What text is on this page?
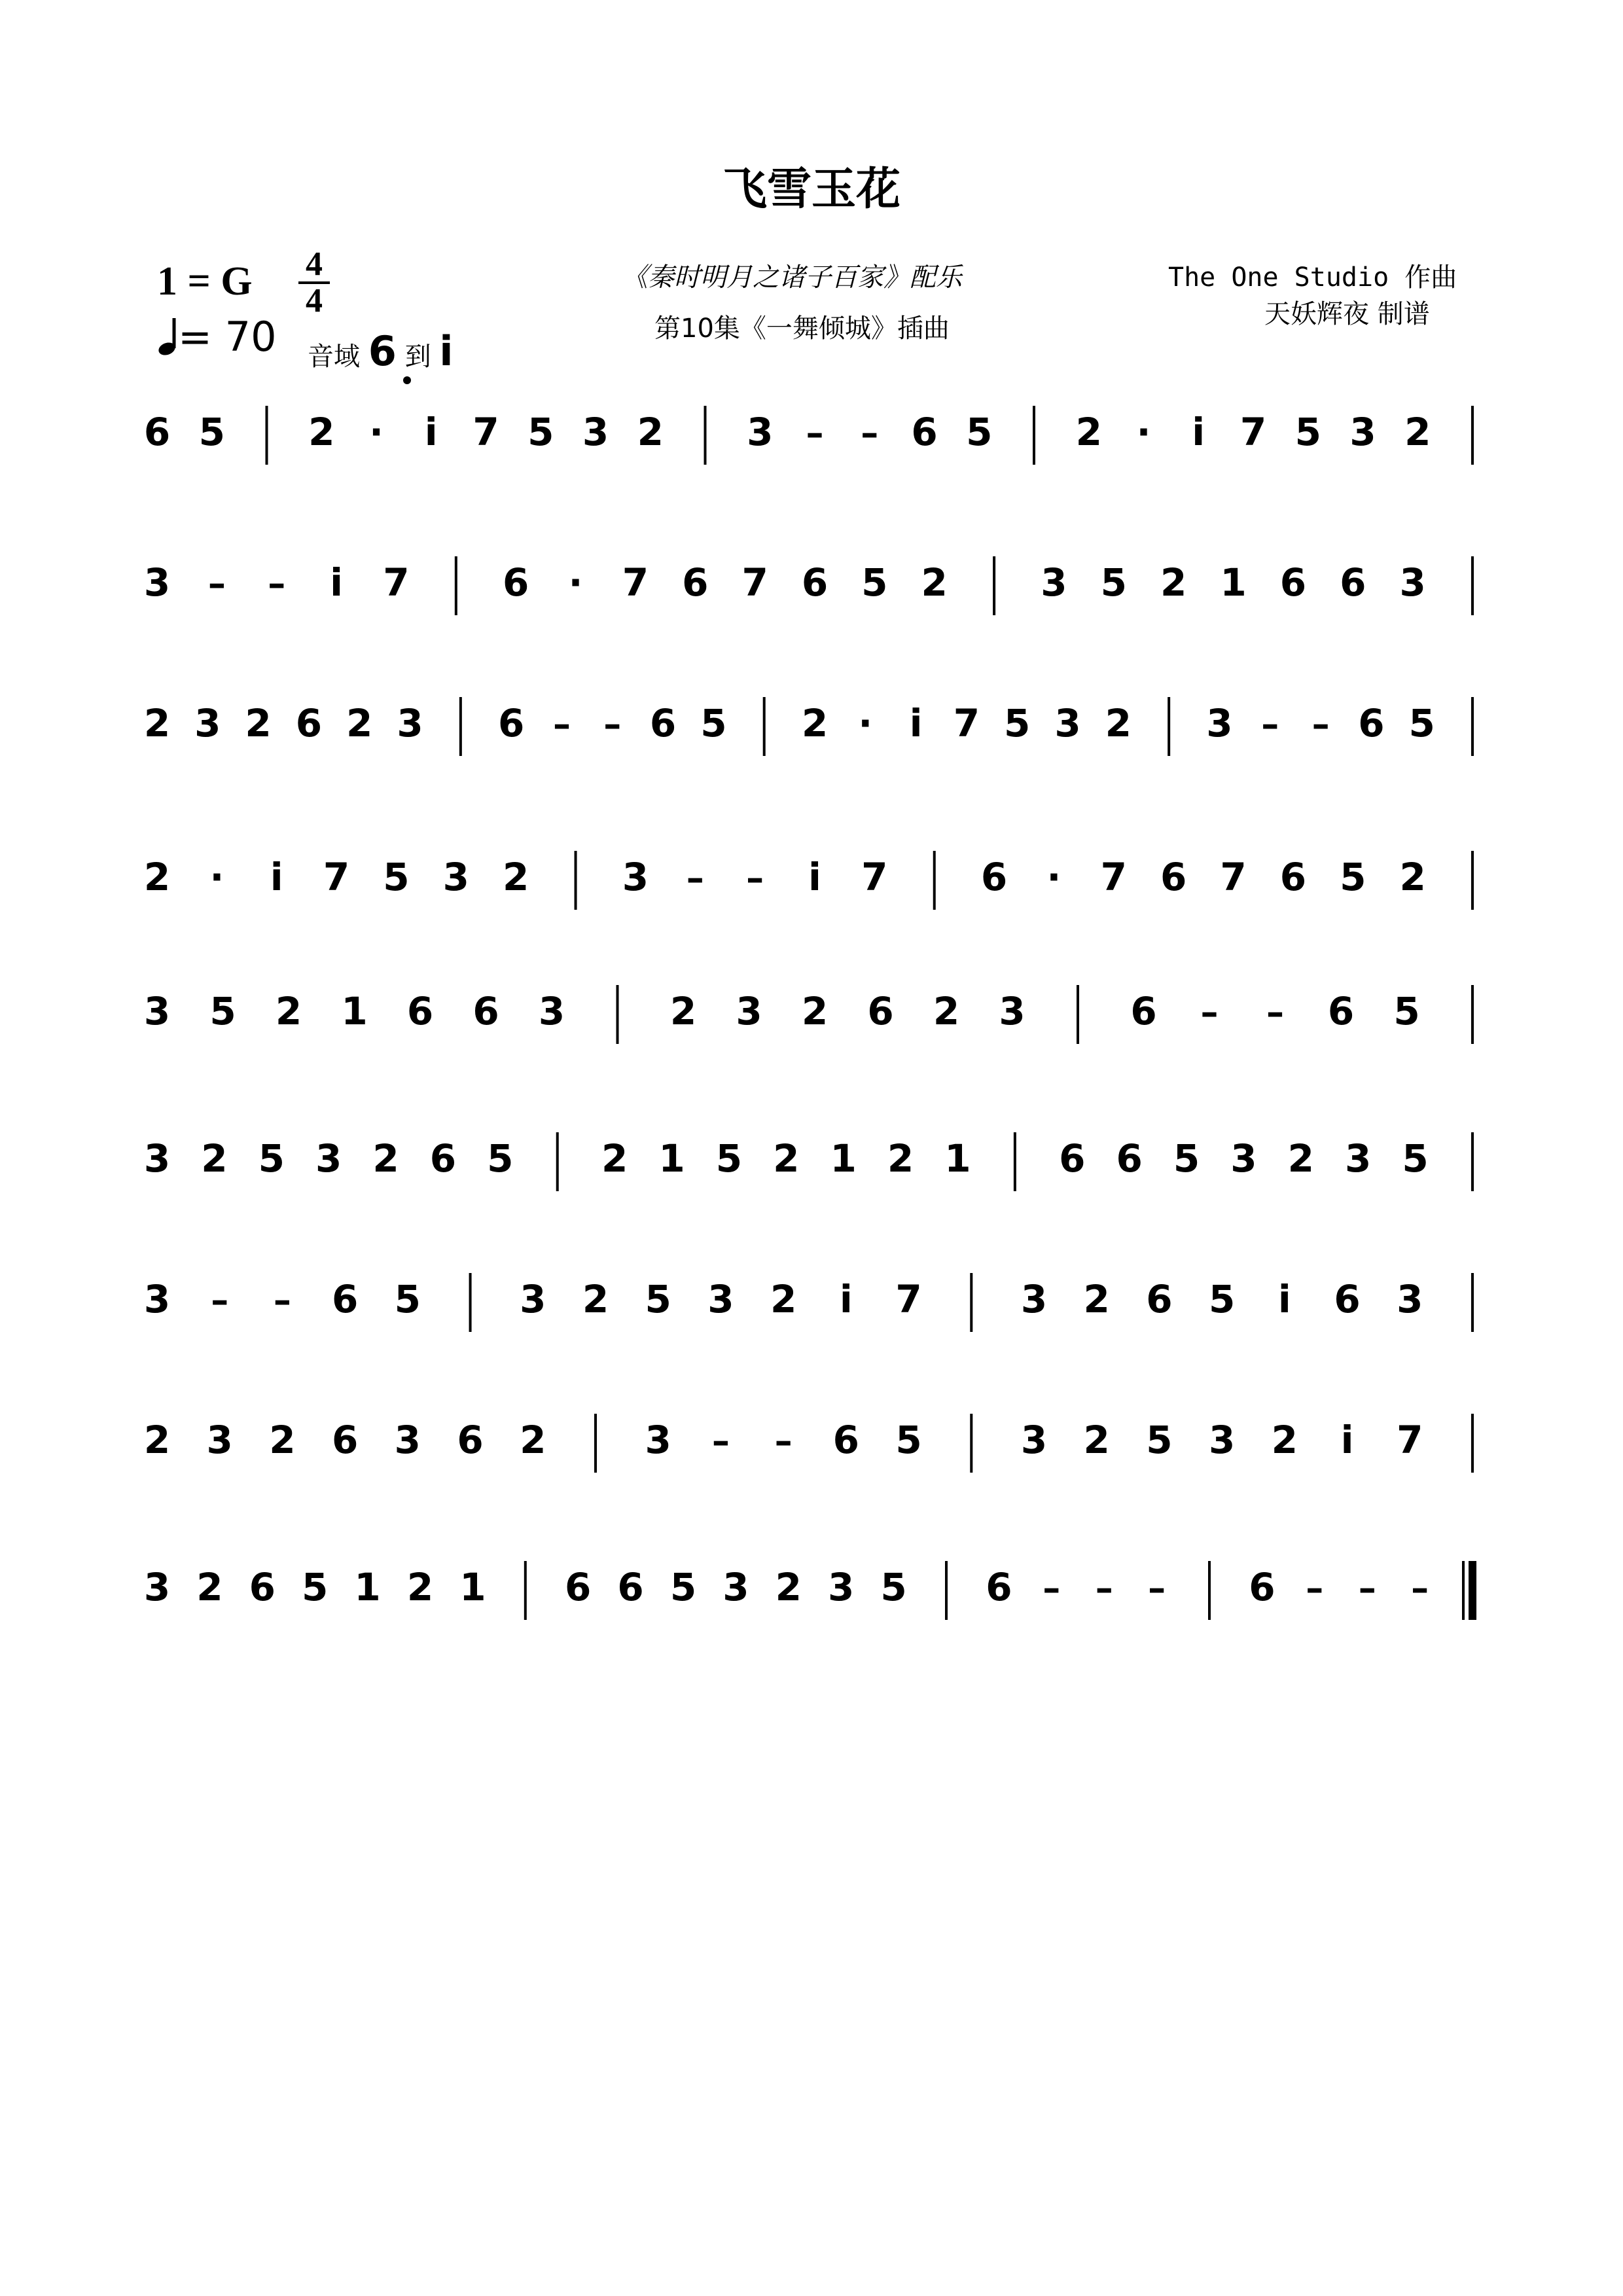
飞雪玉花
1 = G	4
4
= 70 音域 6 到 i
《秦时明月之诸子百家》配乐
第10集《一舞倾城》插曲
The One Studio 作曲
天妖辉夜 制谱
6 5 2 · i 7 5 3 2 3 – – 6 5 2 · i 7 5 3 2
3 – – i 7 6 · 7 6 7 6 5 2 3 5 2 1 6 6 3
2 3 2 6 2 3 6 – – 6 5 2 · i 7 5 3 2 3 – – 6 5
2 · i 7 5 3 2 3 – – i 7 6 · 7 6 7 6 5 2
3 5 2 1 6 6 3	2 3 2 6 2 3	6 – – 6 5
3 2 5 3 2 6 5 2 1 5 2 1 2 1 6 6 5 3 2 3 5
3 – – 6 5	3 2 5 3 2 i 7	3 2 6 5 i 6 3
2 3 2 6 3 6 2	3 – – 6 5	3 2 5 3 2 i 7
3 2 6 5 1 2 1 6 6 5 3 2 3 5 6 – – – 6 – – –
